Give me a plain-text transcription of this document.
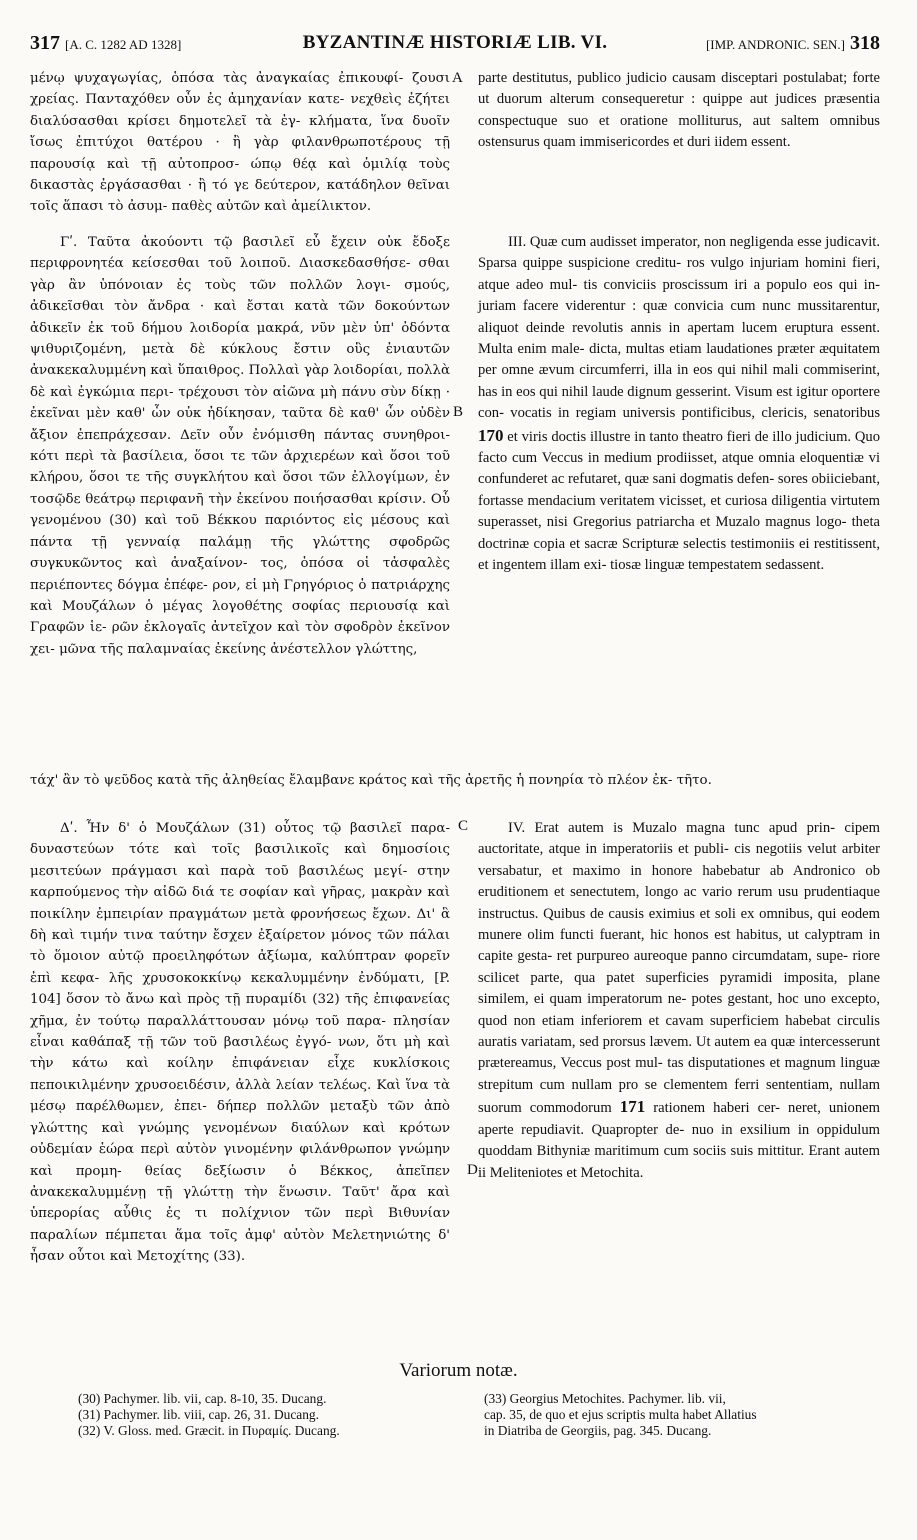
317 [A. C. 1282 AD 1328]	BYZANTINÆ HISTORIÆ LIB. VI.	[IMP. ANDRONIC. SEN.] 318

μένῳ ψυχαγωγίας, ὁπόσα τὰς ἀναγκαίας ἐπικουφί- ζουσι χρείας. Πανταχόθεν οὖν ἐς ἀμηχανίαν κατε- νεχθεὶς ἐζήτει διαλύσασθαι κρίσει δημοτελεῖ τὰ ἐγ- κλήματα, ἵνα δυοῖν ἴσως ἐπιτύχοι θατέρου · ἢ γὰρ φιλανθρωποτέρους τῇ παρουσίᾳ καὶ τῇ αὐτοπροσ- ώπῳ θέᾳ καὶ ὁμιλίᾳ τοὺς δικαστὰς ἐργάσασθαι · ἢ τό γε δεύτερον, κατάδηλον θεῖναι τοῖς ἅπασι τὸ ἀσυμ- παθὲς αὐτῶν καὶ ἀμείλικτον.

parte destitutus, publico judicio causam disceptari postulabat; forte ut duorum alterum consequeretur : quippe aut judices præsentia conspectuque suo et oratione molliturus, aut saltem omnibus ostensurus quam immisericordes et duri iidem essent.

A

Γʹ. Ταῦτα ἀκούοντι τῷ βασιλεῖ εὖ ἔχειν οὐκ ἔδοξε περιφρονητέα κείσεσθαι τοῦ λοιποῦ. Διασκεδασθήσε- σθαι γὰρ ἂν ὑπόνοιαν ἐς τοὺς τῶν πολλῶν λογι- σμούς, ἀδικεῖσθαι τὸν ἄνδρα · καὶ ἔσται κατὰ τῶν δοκούντων ἀδικεῖν ἐκ τοῦ δήμου λοιδορία μακρά, νῦν μὲν ὑπ' ὀδόντα ψιθυριζομένη, μετὰ δὲ κύκλους ἔστιν οὓς ἐνιαυτῶν ἀνακεκαλυμμένη καὶ ὕπαιθρος. Πολλαὶ γὰρ λοιδορίαι, πολλὰ δὲ καὶ ἐγκώμια περι- τρέχουσι τὸν αἰῶνα μὴ πάνυ σὺν δίκῃ · ἐκεῖναι μὲν καθ' ὧν οὐκ ἠδίκησαν, ταῦτα δὲ καθ' ὧν οὐδὲν ἄξιον ἐπεπράχεσαν. Δεῖν οὖν ἐνόμισθη πάντας συνηθροι- κότι περὶ τὰ βασίλεια, ὅσοι τε τῶν ἀρχιερέων καὶ ὅσοι τοῦ κλήρου, ὅσοι τε τῆς συγκλήτου καὶ ὅσοι τῶν ἐλλογίμων, ἐν τοσῷδε θεάτρῳ περιφανῆ τὴν ἐκείνου ποιήσασθαι κρίσιν. Οὗ γενομένου (30) καὶ τοῦ Βέκκου παριόντος εἰς μέσους καὶ πάντα τῇ γενναίᾳ παλάμῃ τῆς γλώττης σφοδρῶς συγκυκῶντος καὶ ἀναξαίνον- τος, ὁπόσα οἱ τἀσφαλὲς περιέποντες δόγμα ἐπέφε- ρον, εἰ μὴ Γρηγόριος ὁ πατριάρχης καὶ Μουζάλων ὁ μέγας λογοθέτης σοφίας περιουσίᾳ καὶ Γραφῶν ἱε- ρῶν ἐκλογαῖς ἀντεῖχον καὶ τὸν σφοδρὸν ἐκεῖνον χει- μῶνα τῆς παλαμναίας ἐκείνης ἀνέστελλον γλώττης,

III. Quæ cum audisset imperator, non negligenda esse judicavit. Sparsa quippe suspicione creditu- ros vulgo injuriam homini fieri, atque adeo mul- tis conviciis proscissum iri a populo eos qui in- juriam facere viderentur : quæ convicia cum nunc mussitarentur, aliquot deinde revolutis annis in apertam lucem eruptura essent. Multa enim male- dicta, multas etiam laudationes præter æquitatem per omne ævum circumferri, illa in eos qui nihil mali commiserint, has in eos qui nihil laude dignum gesserint. Visum est igitur oportere con- vocatis in regiam universis pontificibus, clericis, senatoribus 170 et viris doctis illustre in tanto theatro fieri de illo judicium. Quo facto cum Veccus in medium prodiisset, atque omnia eloquentiæ vi confunderet ac refutaret, quæ sani dogmatis defen- sores obiiciebant, fortasse mendacium veritatem vicisset, et curiosa diligentia virtutem superasset, nisi Gregorius patriarcha et Muzalo magnus logo- theta doctrinæ copia et sacræ Scripturæ selectis testimoniis ei restitissent, et ingentem illam exi- tiosæ linguæ tempestatem sedassent.

B

τάχ' ἂν τὸ ψεῦδος κατὰ τῆς ἀληθείας ἔλαμβανε κράτος καὶ τῆς ἀρετῆς ἡ πονηρία τὸ πλέον ἐκ- τῆτο.

Δʹ. Ἦν δ' ὁ Μουζάλων (31) οὗτος τῷ βασιλεῖ παρα- δυναστεύων τότε καὶ τοῖς βασιλικοῖς καὶ δημοσίοις μεσιτεύων πράγμασι καὶ παρὰ τοῦ βασιλέως μεγί- στην καρπούμενος τὴν αἰδῶ διά τε σοφίαν καὶ γῆρας, μακρὰν καὶ ποικίλην ἐμπειρίαν πραγμάτων μετὰ φρονήσεως ἔχων. Δι' ἃ δὴ καὶ τιμήν τινα ταύτην ἔσχεν ἐξαίρετον μόνος τῶν πάλαι τὸ ὅμοιον αὐτῷ προειληφότων ἀξίωμα, καλύπτραν φορεῖν ἐπὶ κεφα- λῆς χρυσοκοκκίνῳ κεκαλυμμένην ἐνδύματι, [P. 104] ὅσον τὸ ἄνω καὶ πρὸς τῇ πυραμίδι (32) τῆς ἐπιφανείας χῆμα, ἐν τούτῳ παραλλάττουσαν μόνῳ τοῦ παρα- πλησίαν εἶναι καθάπαξ τῇ τῶν τοῦ βασιλέως ἐγγό- νων, ὅτι μὴ καὶ τὴν κάτω καὶ κοίλην ἐπιφάνειαν εἶχε κυκλίσκοις πεποικιλμένην χρυσοειδέσιν, ἀλλὰ λείαν τελέως. Καὶ ἵνα τὰ μέσῳ παρέλθωμεν, ἐπει- δήπερ πολλῶν μεταξὺ τῶν ἀπὸ γλώττης καὶ γνώμης γενομένων διαύλων καὶ κρότων οὐδεμίαν ἑώρα περὶ αὐτὸν γινομένην φιλάνθρωπον γνώμην καὶ προμη- θείας δεξίωσιν ὁ Βέκκος, ἀπεῖπεν ἀνακεκαλυμμένῃ τῇ γλώττῃ τὴν ἕνωσιν. Ταῦτ' ἄρα καὶ ὑπερορίας αὖθις ἐς τι πολίχνιον τῶν περὶ Βιθυνίαν παραλίων πέμπεται ἅμα τοῖς ἀμφ' αὐτὸν Μελετηνιώτης δ' ἦσαν οὗτοι καὶ Μετοχίτης (33).

IV. Erat autem is Muzalo magna tunc apud prin- cipem auctoritate, atque in imperatoriis et publi- cis negotiis velut arbiter versabatur, et maximo in honore habebatur ab Andronico ob eruditionem et senectutem, longo ac vario rerum usu prudentiaque instructus. Quibus de causis eximius et soli ex omnibus, qui eodem munere olim functi fuerant, hic honos est habitus, ut calyptram in capite gesta- ret purpureo aureoque panno circumdatam, supe- riore scilicet parte, qua patet superficies pyramidi imposita, plane similem, ei quam imperatorum ne- potes gestant, hoc uno excepto, quod non etiam inferiorem et cavam superficiem habebat circulis auratis variatam, sed prorsus lævem. Ut autem ea quæ intercesserunt prætereamus, Veccus post mul- tas disputationes et magnum linguæ strepitum cum nullam pro se clementem ferri sententiam, nullam suorum commodorum 171 rationem haberi cer- neret, unionem aperte repudiavit. Quapropter de- nuo in exsilium in oppidulum quoddam Bithyniæ maritimum cum sociis suis mittitur. Erant autem ii Meliteniotes et Metochita.

C
D
Variorum notæ.
(30) Pachymer. lib. vii, cap. 8-10, 35. Ducang.
(31) Pachymer. lib. viii, cap. 26, 31. Ducang.
(32) V. Gloss. med. Græcit. in Πυραμίς. Ducang.
(33) Georgius Metochites. Pachymer. lib. vii,
cap. 35, de quo et ejus scriptis multa habet Allatius
in Diatriba de Georgiis, pag. 345. Ducang.
